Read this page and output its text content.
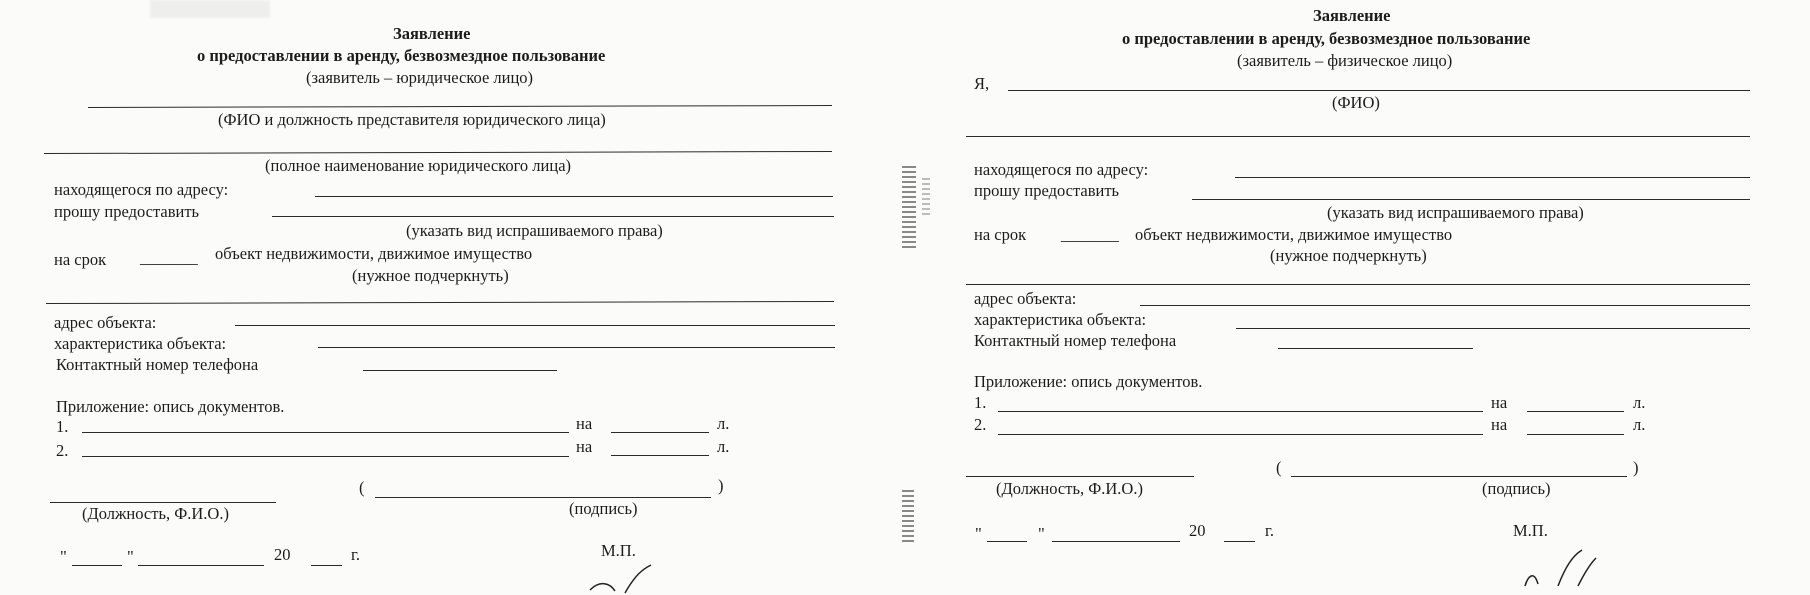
Заявление
о предоставлении в аренду, безвозмездное пользование
(заявитель – юридическое лицо)
(ФИО и должность представителя юридического лица)
(полное наименование юридического лица)
находящегося по адресу:
прошу предоставить
(указать вид испрашиваемого права)
на срок _______ объект недвижимости, движимое имущество
(нужное подчеркнуть)
адрес объекта:
характеристика объекта:
Контактный номер телефона
Приложение: опись документов.
1.	на	л.
2.	на	л.
(	)
(Должность, Ф.И.О.)	(подпись)
"	"	20	г.	М.П.
Заявление
о предоставлении в аренду, безвозмездное пользование
(заявитель – физическое лицо)
Я,
(ФИО)
находящегося по адресу:
прошу предоставить
(указать вид испрашиваемого права)
на срок _______ объект недвижимости, движимое имущество
(нужное подчеркнуть)
адрес объекта:
характеристика объекта:
Контактный номер телефона
Приложение: опись документов.
1.	на	л.
2.	на	л.
(	)
(Должность, Ф.И.О.)	(подпись)
"	"	20	г.	М.П.
